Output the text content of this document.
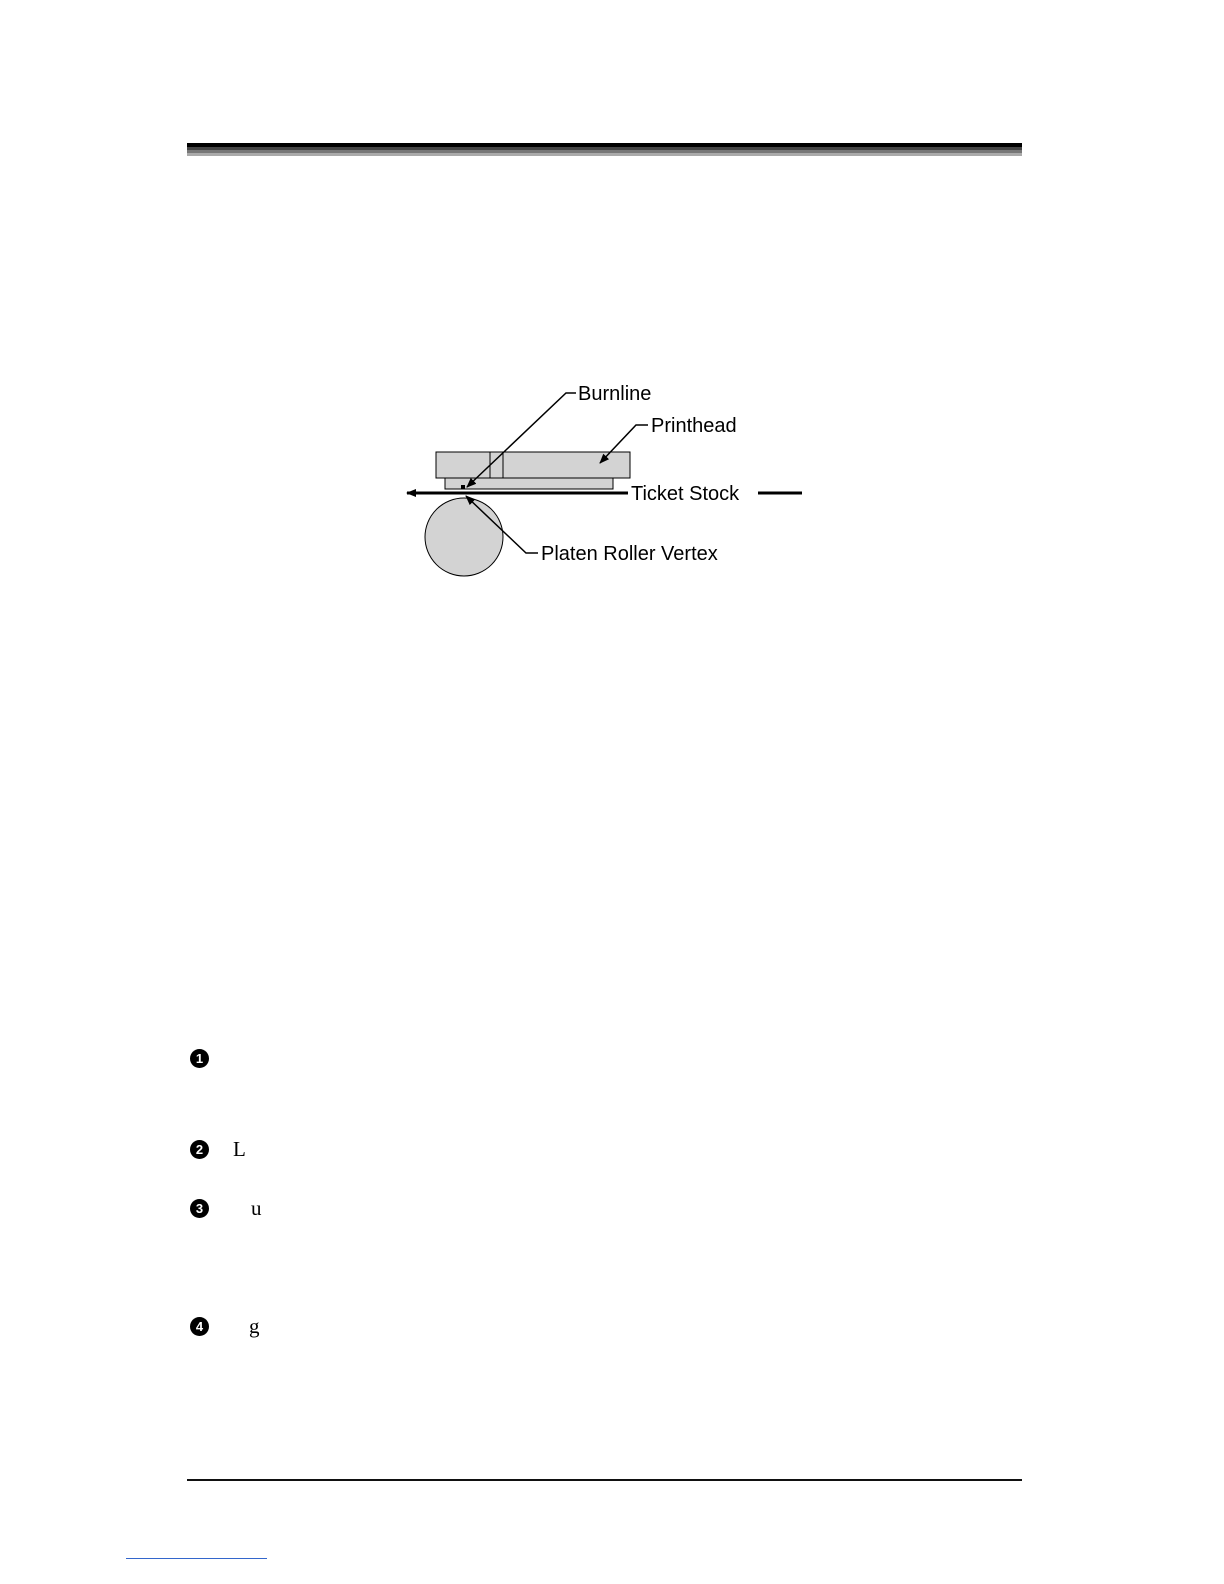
Burnline
Printhead
Ticket Stock
Platen Roller Vertex
1
2 L
3 u
4 g
